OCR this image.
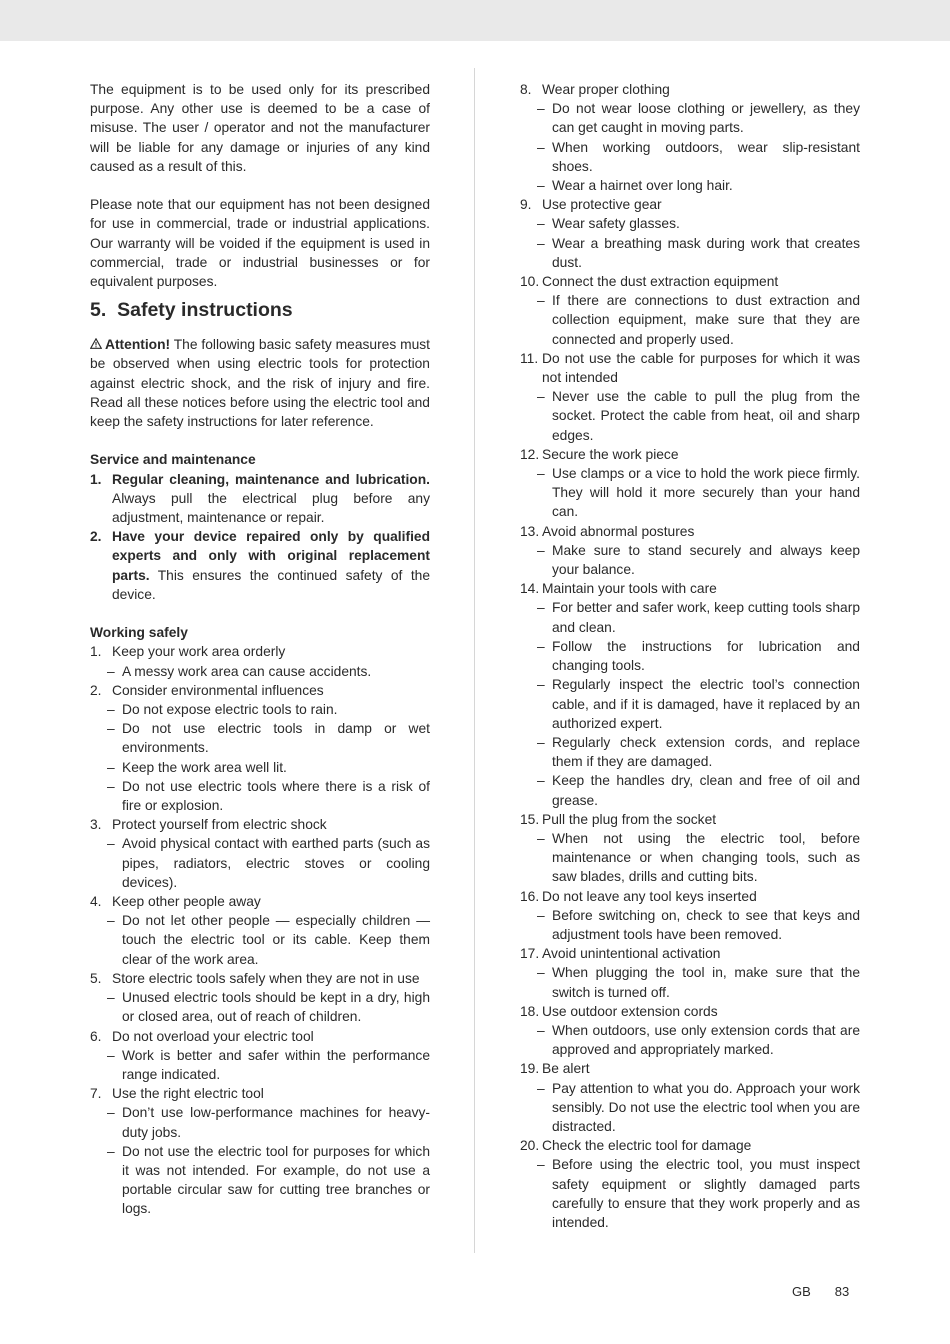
The equipment is to be used only for its prescribed purpose. Any other use is deemed to be a case of misuse. The user / operator and not the manufacturer will be liable for any damage or injuries of any kind caused as a result of this.

Please note that our equipment has not been designed for use in commercial, trade or industrial applications. Our warranty will be voided if the equipment is used in commercial, trade or industrial businesses or for equivalent purposes.

5. Safety instructions

Attention! The following basic safety measures must be observed when using electric tools for protection against electric shock, and the risk of injury and fire. Read all these notices before using the electric tool and keep the safety instructions for later reference.

Service and maintenance

1. Regular cleaning, maintenance and lubrication. Always pull the electrical plug before any adjustment, maintenance or repair.
2. Have your device repaired only by qualified experts and only with original replacement parts. This ensures the continued safety of the device.

Working safely

1. Keep your work area orderly
– A messy work area can cause accidents.
2. Consider environmental influences
– Do not expose electric tools to rain.
– Do not use electric tools in damp or wet environments.
– Keep the work area well lit.
– Do not use electric tools where there is a risk of fire or explosion.
3. Protect yourself from electric shock
– Avoid physical contact with earthed parts (such as pipes, radiators, electric stoves or cooling devices).
4. Keep other people away
– Do not let other people — especially children — touch the electric tool or its cable. Keep them clear of the work area.
5. Store electric tools safely when they are not in use
– Unused electric tools should be kept in a dry, high or closed area, out of reach of children.
6. Do not overload your electric tool
– Work is better and safer within the performance range indicated.
7. Use the right electric tool
– Don’t use low-performance machines for heavy-duty jobs.
– Do not use the electric tool for purposes for which it was not intended. For example, do not use a portable circular saw for cutting tree branches or logs.
8. Wear proper clothing
– Do not wear loose clothing or jewellery, as they can get caught in moving parts.
– When working outdoors, wear slip-resistant shoes.
– Wear a hairnet over long hair.
9. Use protective gear
– Wear safety glasses.
– Wear a breathing mask during work that creates dust.
10. Connect the dust extraction equipment
– If there are connections to dust extraction and collection equipment, make sure that they are connected and properly used.
11. Do not use the cable for purposes for which it was not intended
– Never use the cable to pull the plug from the socket. Protect the cable from heat, oil and sharp edges.
12. Secure the work piece
– Use clamps or a vice to hold the work piece firmly. They will hold it more securely than your hand can.
13. Avoid abnormal postures
– Make sure to stand securely and always keep your balance.
14. Maintain your tools with care
– For better and safer work, keep cutting tools sharp and clean.
– Follow the instructions for lubrication and changing tools.
– Regularly inspect the electric tool’s connection cable, and if it is damaged, have it replaced by an authorized expert.
– Regularly check extension cords, and replace them if they are damaged.
– Keep the handles dry, clean and free of oil and grease.
15. Pull the plug from the socket
– When not using the electric tool, before maintenance or when changing tools, such as saw blades, drills and cutting bits.
16. Do not leave any tool keys inserted
– Before switching on, check to see that keys and adjustment tools have been removed.
17. Avoid unintentional activation
– When plugging the tool in, make sure that the switch is turned off.
18. Use outdoor extension cords
– When outdoors, use only extension cords that are approved and appropriately marked.
19. Be alert
– Pay attention to what you do. Approach your work sensibly. Do not use the electric tool when you are distracted.
20. Check the electric tool for damage
– Before using the electric tool, you must inspect safety equipment or slightly damaged parts carefully to ensure that they work properly and as intended.
GB 83
